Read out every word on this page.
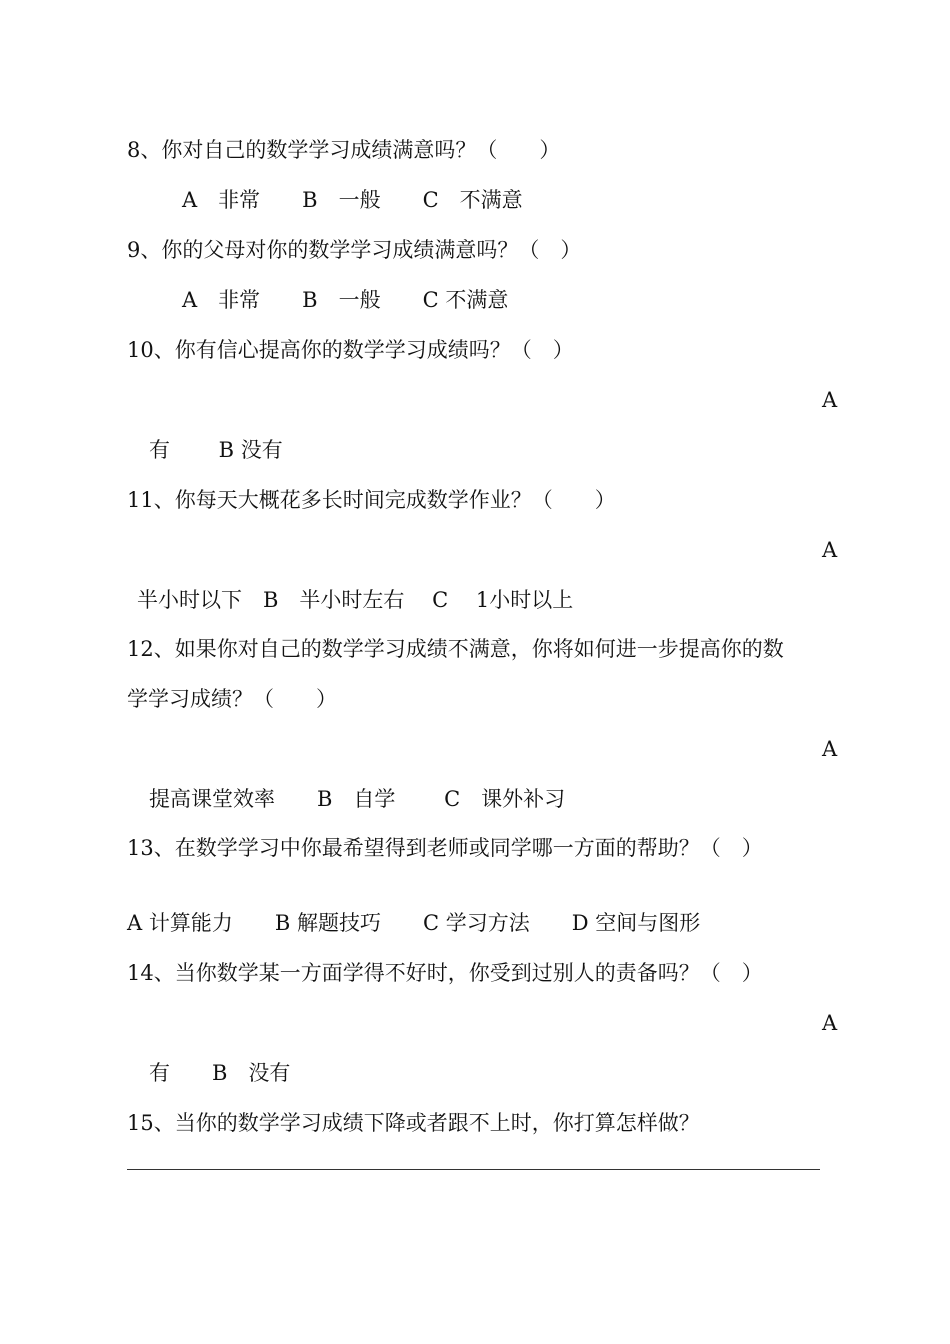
8、你对自己的数学学习成绩满意吗？（　　）
A　非常　　B　一般　　C　不满意
9、你的父母对你的数学学习成绩满意吗？（　）
A　非常　　B　一般　　C 不满意
10、你有信心提高你的数学学习成绩吗？（　）
A
有　　 B 没有
11、你每天大概花多长时间完成数学作业？（　　）
A
半小时以下　B　半小时左右　 C　 1小时以上
12、如果你对自己的数学学习成绩不满意，你将如何进一步提高你的数
学学习成绩？（　　）
A
提高课堂效率　　B　自学　　 C　课外补习
13、在数学学习中你最希望得到老师或同学哪一方面的帮助？（　）
A 计算能力　　B 解题技巧　　C 学习方法　　D 空间与图形
14、当你数学某一方面学得不好时，你受到过别人的责备吗？（　）
A
有　　B　没有
15、当你的数学学习成绩下降或者跟不上时，你打算怎样做？
